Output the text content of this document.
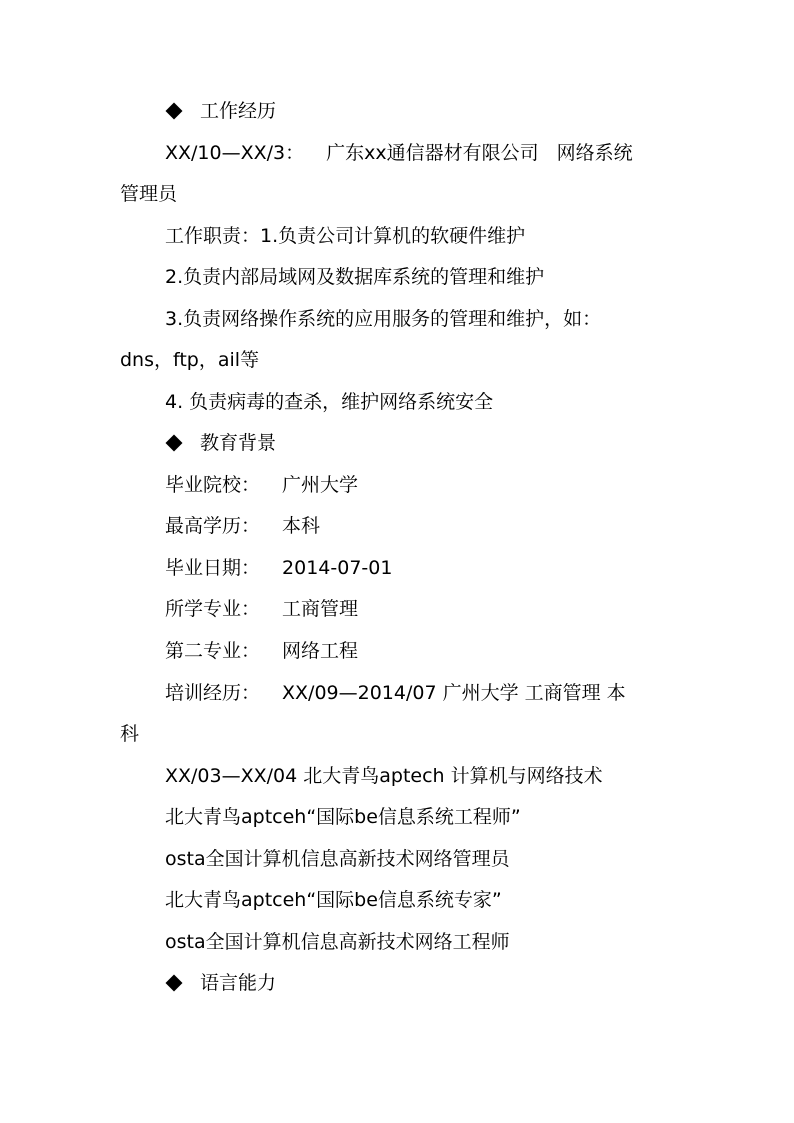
工作经历
XX/10—XX/3： 广东xx通信器材有限公司 网络系统
管理员
工作职责：1.负责公司计算机的软硬件维护
2.负责内部局域网及数据库系统的管理和维护
3.负责网络操作系统的应用服务的管理和维护，如：
dns，ftp，ail等
4. 负责病毒的查杀，维护网络系统安全
教育背景
毕业院校： 广州大学
最高学历： 本科
毕业日期： 2014-07-01
所学专业： 工商管理
第二专业： 网络工程
培训经历： XX/09—2014/07 广州大学 工商管理 本
科
XX/03—XX/04 北大青鸟aptech 计算机与网络技术
北大青鸟aptceh“国际be信息系统工程师”
osta全国计算机信息高新技术网络管理员
北大青鸟aptceh“国际be信息系统专家”
osta全国计算机信息高新技术网络工程师
语言能力
